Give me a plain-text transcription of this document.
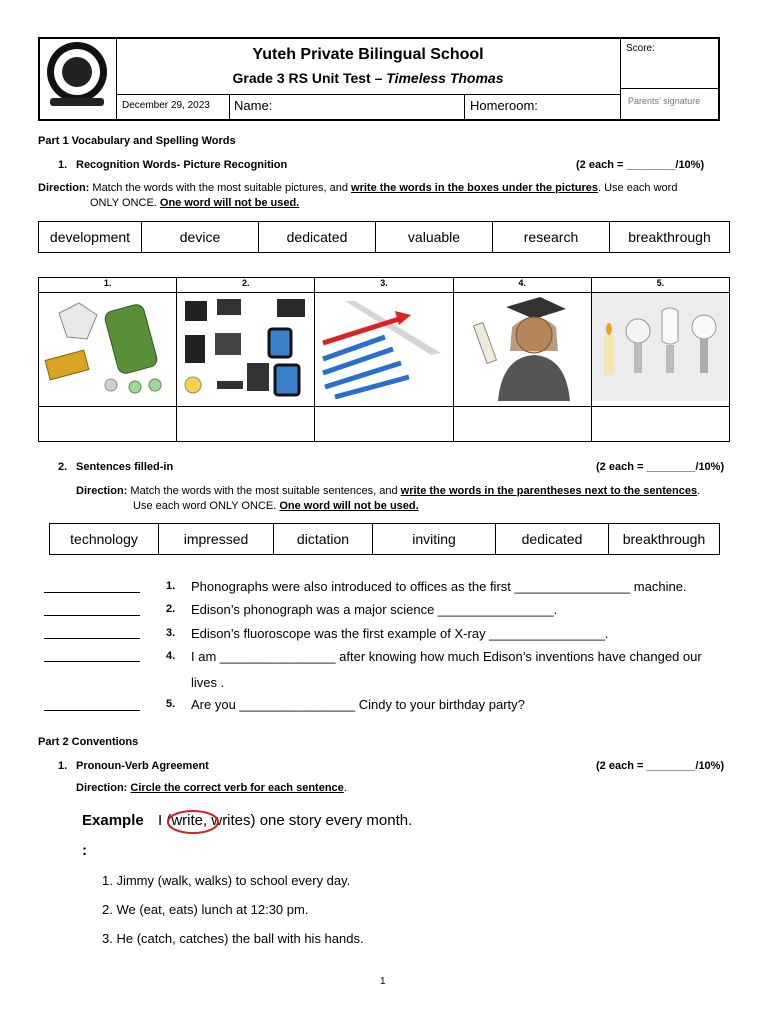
Yuteh Private Bilingual School
Grade 3 RS Unit Test – Timeless Thomas
December 29, 2023 Name:	Homeroom:
Score:
Parents’ signature
Part 1 Vocabulary and Spelling Words
1. Recognition Words- Picture Recognition	(2 each = ________/10%)
Direction: Match the words with the most suitable pictures, and write the words in the boxes under the pictures. Use each word
ONLY ONCE. One word will not be used.
development	device	dedicated	valuable	research	breakthrough
1.	2.	3.	4.	5.

2. Sentences filled-in	(2 each = ________/10%)
Direction: Match the words with the most suitable sentences, and write the words in the parentheses next to the sentences.
Use each word ONLY ONCE. One word will not be used.
technology	impressed	dictation	inviting	dedicated	breakthrough
1. Phonographs were also introduced to offices as the first ________________ machine.
2. Edison’s phonograph was a major science ________________.
3. Edison’s fluoroscope was the first example of X-ray ________________.
4. I am ________________ after knowing how much Edison’s inventions have changed our
lives .
5. Are you ________________ Cindy to your birthday party?
Part 2 Conventions
1. Pronoun-Verb Agreement	(2 each = ________/10%)
Direction: Circle the correct verb for each sentence.
Example
:
I (write,
writes) one story every month.
1. Jimmy (walk, walks) to school every day.
2. We (eat, eats) lunch at 12:30 pm.
3. He (catch, catches) the ball with his hands.
1
